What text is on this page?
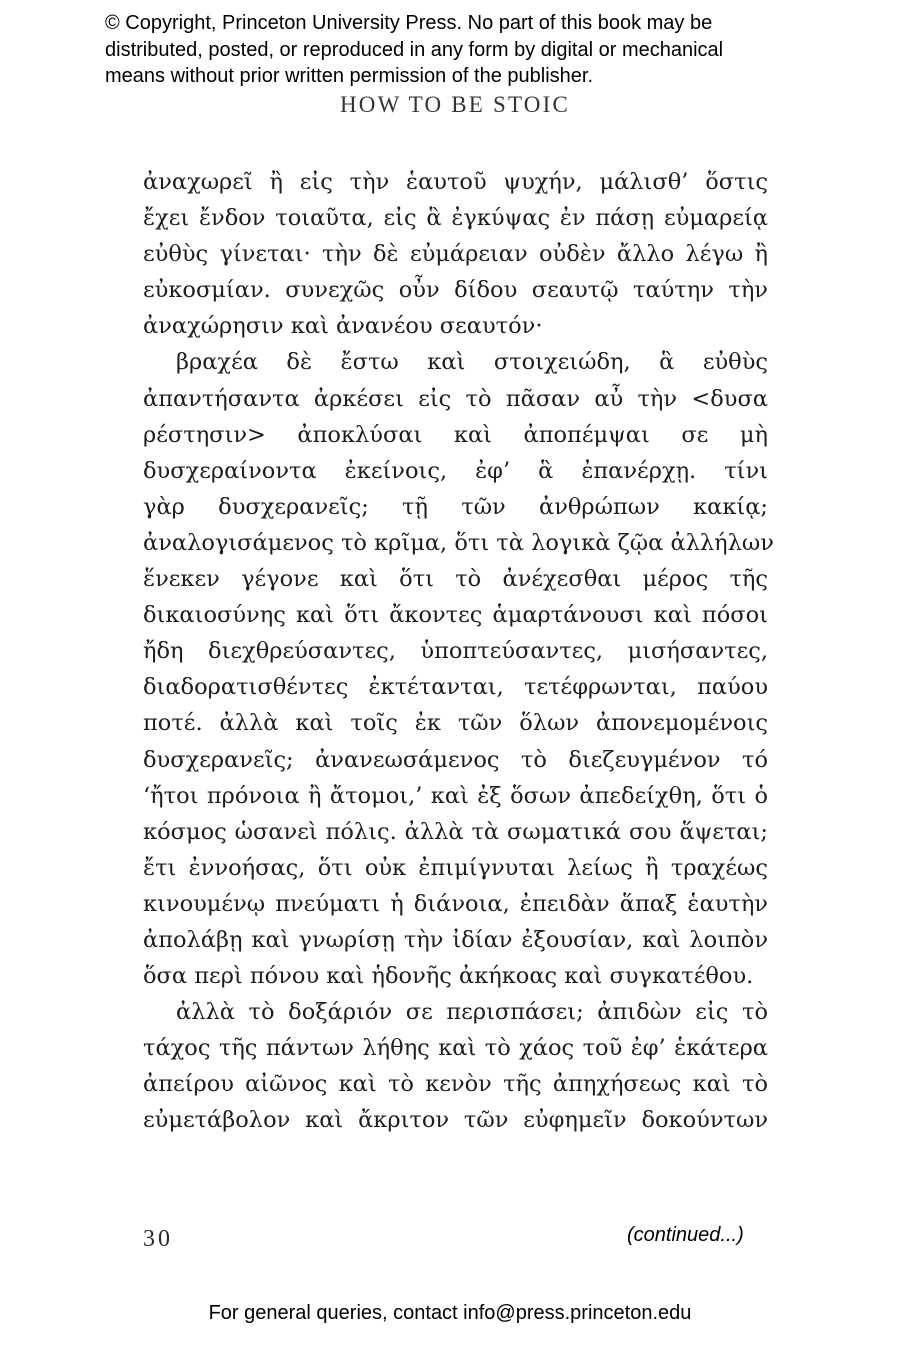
© Copyright, Princeton University Press. No part of this book may be
distributed, posted, or reproduced in any form by digital or mechanical
means without prior written permission of the publisher.
HOW TO BE STOIC
ἀναχωρεῖ ἢ εἰς τὴν ἑαυτοῦ ψυχήν, μάλισθ’ ὅστις
ἔχει ἔνδον τοιαῦτα, εἰς ἃ ἐγκύψας ἐν πάσῃ εὐμαρείᾳ
εὐθὺς γίνεται· τὴν δὲ εὐμάρειαν οὐδὲν ἄλλο λέγω ἢ
εὐκοσμίαν. συνεχῶς οὖν δίδου σεαυτῷ ταύτην τὴν
ἀναχώρησιν καὶ ἀνανέου σεαυτόν·
βραχέα δὲ ἔστω καὶ στοιχειώδη, ἃ εὐθὺς
ἀπαντήσαντα ἀρκέσει εἰς τὸ πᾶσαν αὖ τὴν <δυσα
ρέστησιν> ἀποκλύσαι καὶ ἀποπέμψαι σε μὴ
δυσχεραίνοντα ἐκείνοις, ἐφ’ ἃ ἐπανέρχῃ. τίνι
γὰρ δυσχερανεῖς; τῇ τῶν ἀνθρώπων κακίᾳ;
ἀναλογισάμενος τὸ κρῖμα, ὅτι τὰ λογικὰ ζῷα ἀλλήλων
ἕνεκεν γέγονε καὶ ὅτι τὸ ἀνέχεσθαι μέρος τῆς
δικαιοσύνης καὶ ὅτι ἄκοντες ἁμαρτάνουσι καὶ πόσοι
ἤδη διεχθρεύσαντες, ὑποπτεύσαντες, μισήσαντες,
διαδορατισθέντες ἐκτέτανται, τετέφρωνται, παύου
ποτέ. ἀλλὰ καὶ τοῖς ἐκ τῶν ὅλων ἀπονεμομένοις
δυσχερανεῖς; ἀνανεωσάμενος τὸ διεζευγμένον τό
‘ἤτοι πρόνοια ἢ ἄτομοι,’ καὶ ἐξ ὅσων ἀπεδείχθη, ὅτι ὁ
κόσμος ὡσανεὶ πόλις. ἀλλὰ τὰ σωματικά σου ἅψεται;
ἔτι ἐννοήσας, ὅτι οὐκ ἐπιμίγνυται λείως ἢ τραχέως
κινουμένῳ πνεύματι ἡ διάνοια, ἐπειδὰν ἅπαξ ἑαυτὴν
ἀπολάβῃ καὶ γνωρίσῃ τὴν ἰδίαν ἐξουσίαν, καὶ λοιπὸν
ὅσα περὶ πόνου καὶ ἡδονῆς ἀκήκοας καὶ συγκατέθου.
ἀλλὰ τὸ δοξάριόν σε περισπάσει; ἀπιδὼν εἰς τὸ
τάχος τῆς πάντων λήθης καὶ τὸ χάος τοῦ ἐφ’ ἑκάτερα
ἀπείρου αἰῶνος καὶ τὸ κενὸν τῆς ἀπηχήσεως καὶ τὸ
εὐμετάβολον καὶ ἄκριτον τῶν εὐφημεῖν δοκούντων
30	(continued...)
For general queries, contact info@press.princeton.edu
